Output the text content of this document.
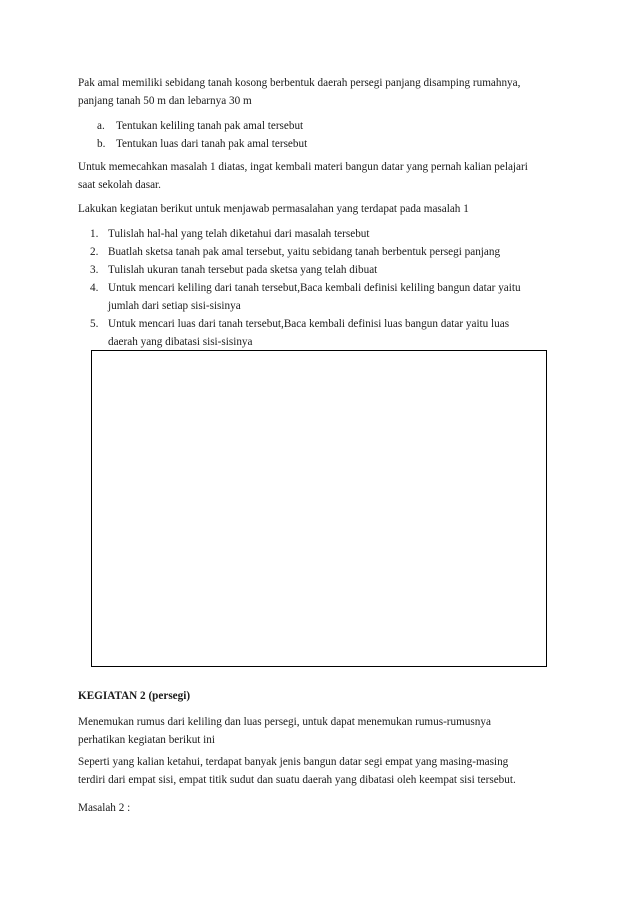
Pak amal memiliki sebidang tanah kosong berbentuk daerah persegi panjang disamping rumahnya,
panjang tanah 50 m dan lebarnya 30 m

a. Tentukan keliling tanah pak amal tersebut
b. Tentukan luas dari tanah pak amal tersebut

Untuk memecahkan masalah 1 diatas, ingat kembali materi bangun datar yang pernah kalian pelajari
saat sekolah dasar.

Lakukan kegiatan berikut untuk menjawab permasalahan yang terdapat pada masalah 1

1. Tulislah hal-hal yang telah diketahui dari masalah tersebut
2. Buatlah sketsa tanah pak amal tersebut, yaitu sebidang tanah berbentuk persegi panjang
3. Tulislah ukuran tanah tersebut pada sketsa yang telah dibuat
4. Untuk mencari keliling dari tanah tersebut,Baca kembali definisi keliling bangun datar yaitu
jumlah dari setiap sisi-sisinya
5. Untuk mencari luas dari tanah tersebut,Baca kembali definisi luas bangun datar yaitu luas
daerah yang dibatasi sisi-sisinya

KEGIATAN 2 (persegi)

Menemukan rumus dari keliling dan luas persegi, untuk dapat menemukan rumus-rumusnya
perhatikan kegiatan berikut ini

Seperti yang kalian ketahui, terdapat banyak jenis bangun datar segi empat yang masing-masing
terdiri dari empat sisi, empat titik sudut dan suatu daerah yang dibatasi oleh keempat sisi tersebut.

Masalah 2 :
